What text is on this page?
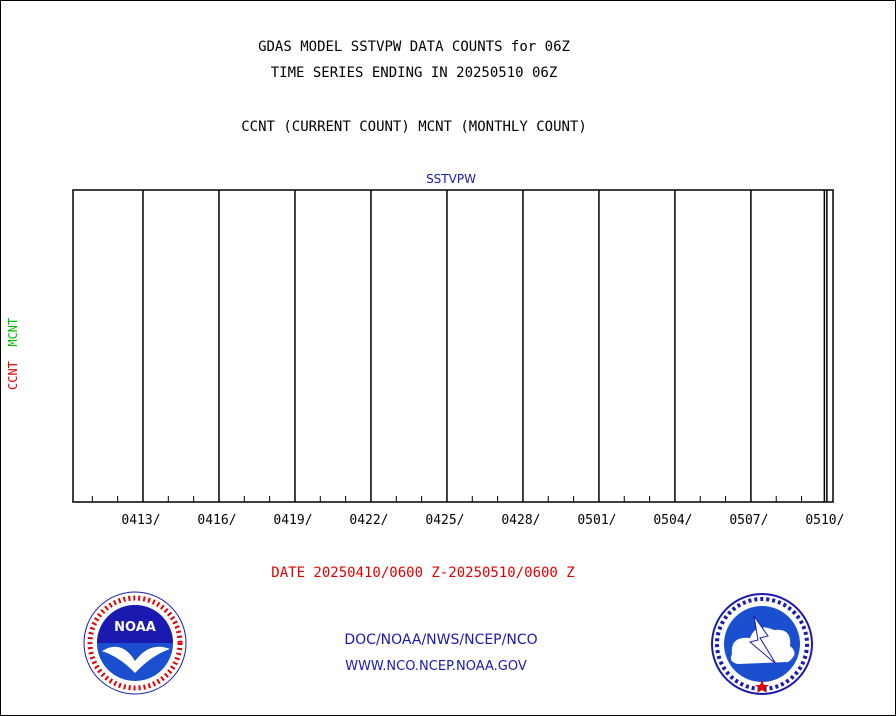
GDAS MODEL SSTVPW DATA COUNTS for 06Z
TIME SERIES ENDING IN 20250510 06Z
CCNT (CURRENT COUNT) MCNT (MONTHLY COUNT)
SSTVPW
CCNT  MCNT
0413/	0416/	0419/	0422/	0425/	0428/	0501/	0504/	0507/	0510/
DATE 20250410/0600 Z-20250510/0600 Z
DOC/NOAA/NWS/NCEP/NCO
WWW.NCO.NCEP.NOAA.GOV
NOAA
